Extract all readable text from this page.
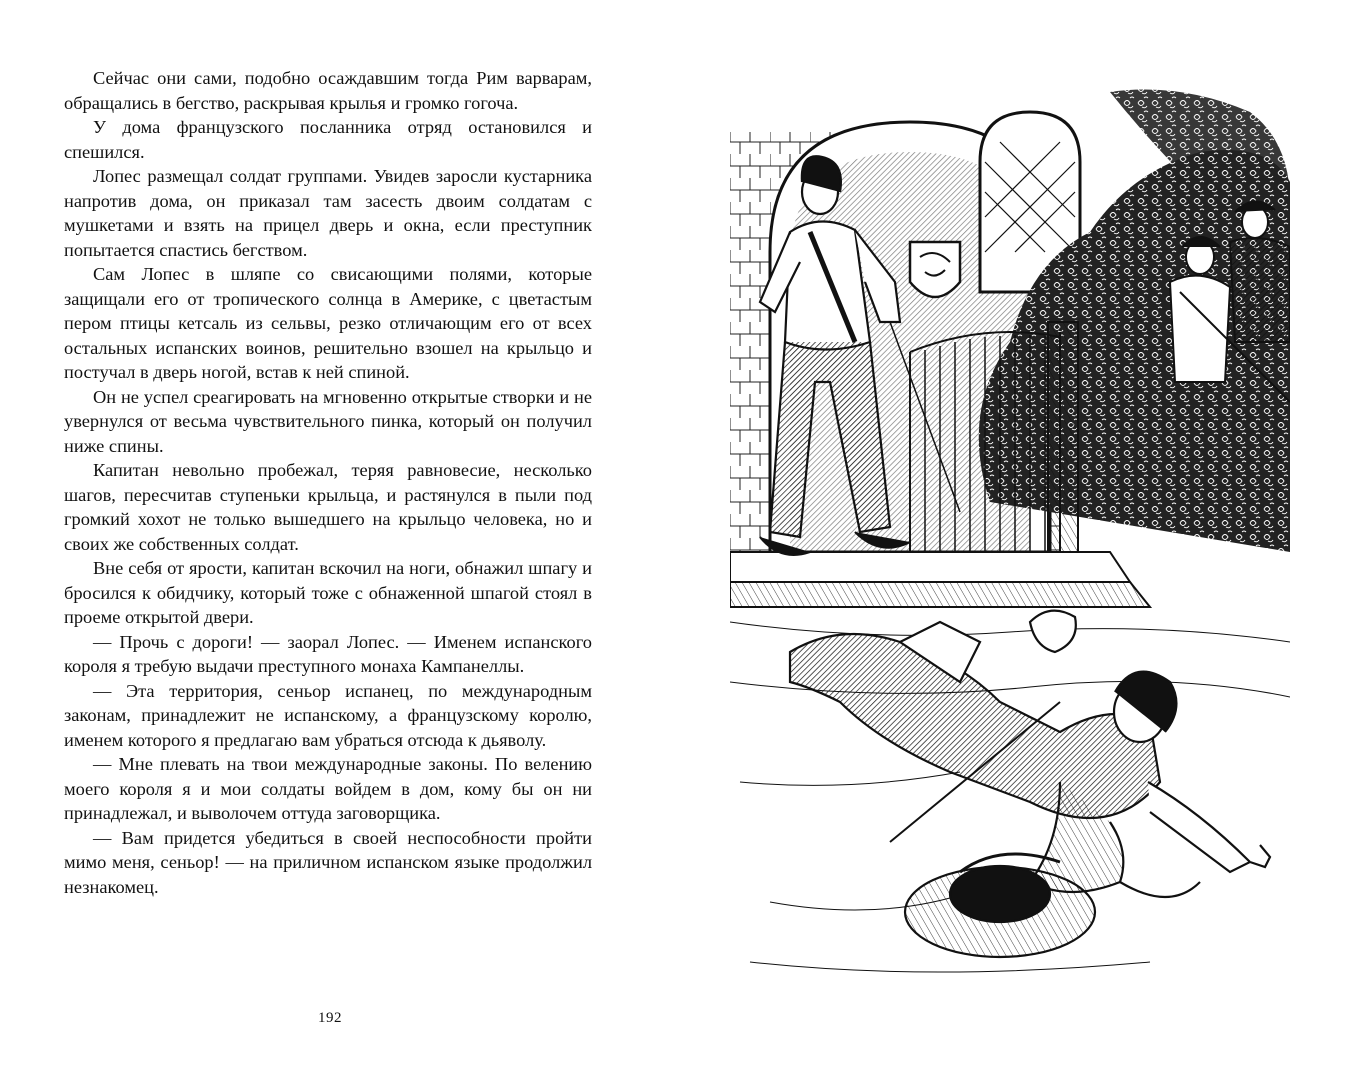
Сейчас они сами, подобно осаждавшим тогда Рим варварам, обращались в бегство, раскрывая крылья и громко гогоча.

У дома французского посланника отряд остановился и спешился.

Лопес размещал солдат группами. Увидев заросли кустарника напротив дома, он приказал там засесть двоим солдатам с мушкетами и взять на прицел дверь и окна, если преступник попытается спастись бегством.

Сам Лопес в шляпе со свисающими полями, которые защищали его от тропического солнца в Америке, с цветастым пером птицы кетсаль из сельвы, резко отличающим его от всех остальных испанских воинов, решительно взошел на крыльцо и постучал в дверь ногой, встав к ней спиной.

Он не успел среагировать на мгновенно открытые створки и не увернулся от весьма чувствительного пинка, который он получил ниже спины.

Капитан невольно пробежал, теряя равновесие, несколько шагов, пересчитав ступеньки крыльца, и растянулся в пыли под громкий хохот не только вышедшего на крыльцо человека, но и своих же собственных солдат.

Вне себя от ярости, капитан вскочил на ноги, обнажил шпагу и бросился к обидчику, который тоже с обнаженной шпагой стоял в проеме открытой двери.

— Прочь с дороги! — заорал Лопес. — Именем испанского короля я требую выдачи преступного монаха Кампанеллы.

— Эта территория, сеньор испанец, по международным законам, принадлежит не испанскому, а французскому королю, именем которого я предлагаю вам убраться отсюда к дьяволу.

— Мне плевать на твои международные законы. По велению моего короля я и мои солдаты войдем в дом, кому бы он ни принадлежал, и выволочем оттуда заговорщика.

— Вам придется убедиться в своей неспособности пройти мимо меня, сеньор! — на приличном испанском языке продолжил незнакомец.

192
